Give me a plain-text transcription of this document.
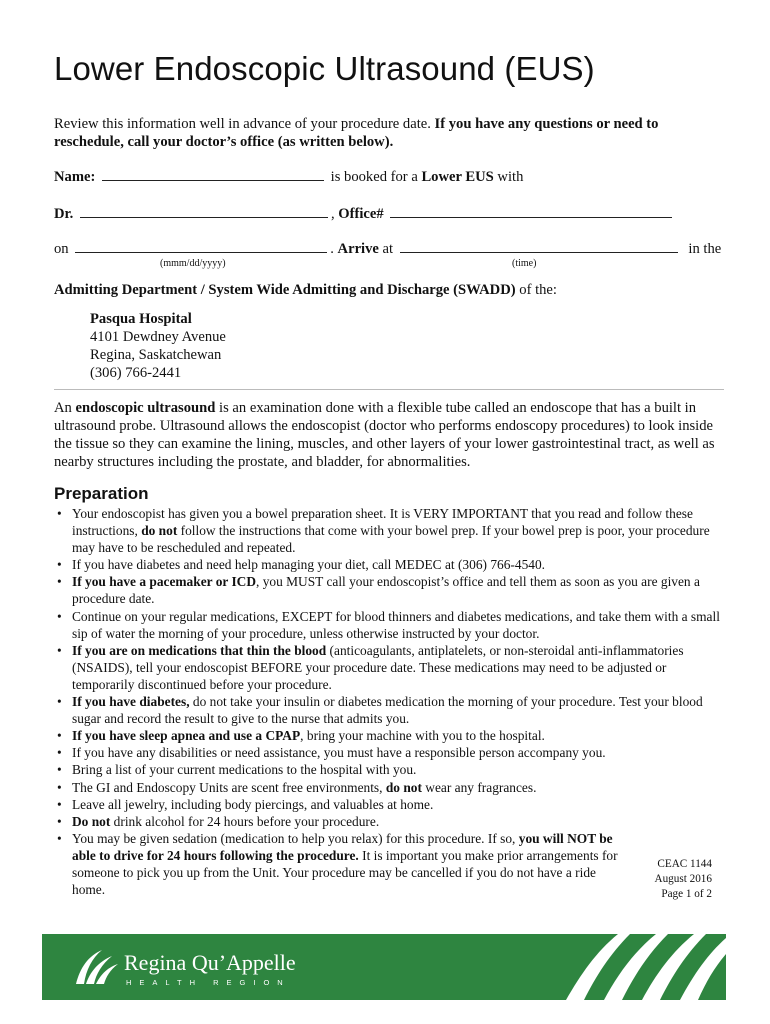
Lower Endoscopic Ultrasound (EUS)
Review this information well in advance of your procedure date. If you have any questions or need to reschedule, call your doctor’s office (as written below).
Name:	is booked for a Lower EUS with
Dr.	, Office#
on	. Arrive at	in the
(mmm/dd/yyyy)	(time)
Admitting Department / System Wide Admitting and Discharge (SWADD) of the:
Pasqua Hospital
4101 Dewdney Avenue
Regina, Saskatchewan
(306) 766-2441
An endoscopic ultrasound is an examination done with a flexible tube called an endoscope that has a built in ultrasound probe. Ultrasound allows the endoscopist (doctor who performs endoscopy procedures) to look inside the tissue so they can examine the lining, muscles, and other layers of your lower gastrointestinal tract, as well as nearby structures including the prostate, and bladder, for abnormalities.
Preparation
• Your endoscopist has given you a bowel preparation sheet. It is VERY IMPORTANT that you read and follow these instructions, do not follow the instructions that come with your bowel prep. If your bowel prep is poor, your procedure may have to be rescheduled and repeated.
• If you have diabetes and need help managing your diet, call MEDEC at (306) 766-4540.
• If you have a pacemaker or ICD, you MUST call your endoscopist’s office and tell them as soon as you are given a procedure date.
• Continue on your regular medications, EXCEPT for blood thinners and diabetes medications, and take them with a small sip of water the morning of your procedure, unless otherwise instructed by your doctor.
• If you are on medications that thin the blood (anticoagulants, antiplatelets, or non-steroidal anti-inflammatories (NSAIDS), tell your endoscopist BEFORE your procedure date. These medications may need to be adjusted or temporarily discontinued before your procedure.
• If you have diabetes, do not take your insulin or diabetes medication the morning of your procedure. Test your blood sugar and record the result to give to the nurse that admits you.
• If you have sleep apnea and use a CPAP, bring your machine with you to the hospital.
• If you have any disabilities or need assistance, you must have a responsible person accompany you.
• Bring a list of your current medications to the hospital with you.
• The GI and Endoscopy Units are scent free environments, do not wear any fragrances.
• Leave all jewelry, including body piercings, and valuables at home.
• Do not drink alcohol for 24 hours before your procedure.
• You may be given sedation (medication to help you relax) for this procedure. If so, you will NOT be able to drive for 24 hours following the procedure. It is important you make prior arrangements for someone to pick you up from the Unit. Your procedure may be cancelled if you do not have a ride home.
CEAC 1144
August 2016
Page 1 of 2
Regina Qu’Appelle
HEALTH REGION
